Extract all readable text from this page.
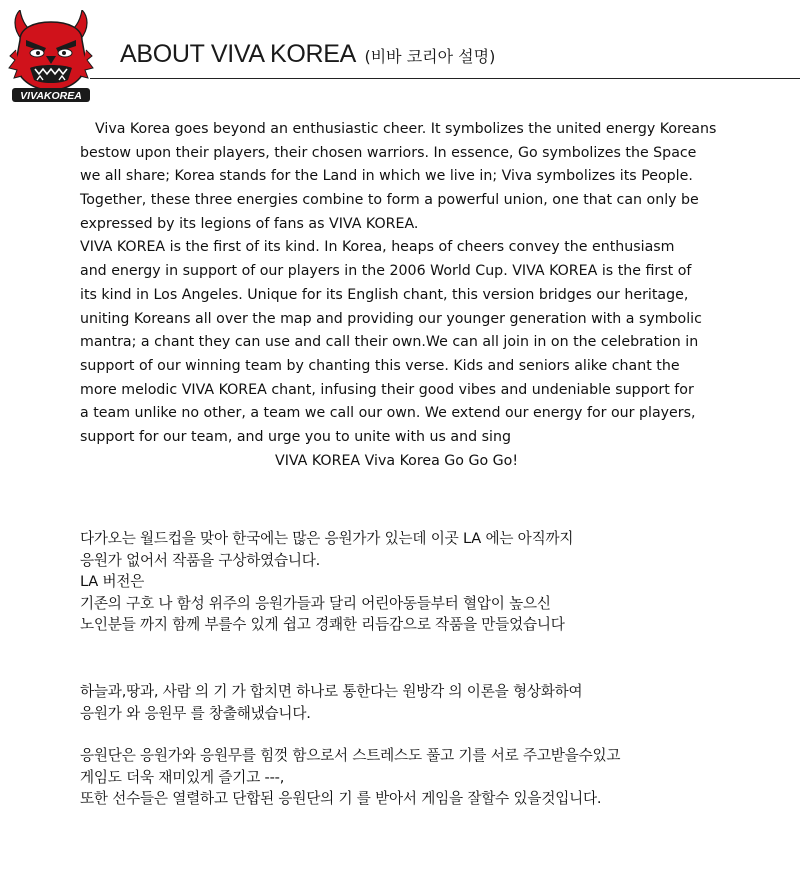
VIVAKOREA
ABOUT VIVA KOREA (비바 코리아 설명)
Viva Korea goes beyond an enthusiastic cheer. It symbolizes the united energy Koreans
bestow upon their players, their chosen warriors. In essence, Go symbolizes the Space
we all share; Korea stands for the Land in which we live in; Viva symbolizes its People.
Together, these three energies combine to form a powerful union, one that can only be
expressed by its legions of fans as VIVA KOREA.
VIVA KOREA is the first of its kind. In Korea, heaps of cheers convey the enthusiasm
and energy in support of our players in the 2006 World Cup. VIVA KOREA is the first of
its kind in Los Angeles. Unique for its English chant, this version bridges our heritage,
uniting Koreans all over the map and providing our younger generation with a symbolic
mantra; a chant they can use and call their own.We can all join in on the celebration in
support of our winning team by chanting this verse. Kids and seniors alike chant the
more melodic VIVA KOREA chant, infusing their good vibes and undeniable support for
a team unlike no other, a team we call our own. We extend our energy for our players,
support for our team, and urge you to unite with us and sing
VIVA KOREA Viva Korea Go Go Go!
다가오는 월드컵을 맞아 한국에는 많은 응원가가 있는데 이곳 LA 에는 아직까지
응원가 없어서 작품을 구상하였습니다.
LA 버전은
기존의 구호 나 함성 위주의 응원가들과 달리 어린아동들부터 혈압이 높으신
노인분들 까지 함께 부를수 있게 쉽고 경쾌한 리듬감으로 작품을 만들었습니다
하늘과,땅과, 사람 의 기 가 합치면 하나로 통한다는 원방각 의 이론을 형상화하여
응원가 와 응원무 를 창출해냈습니다.
응원단은 응원가와 응원무를 힘껏 함으로서 스트레스도 풀고 기를 서로 주고받을수있고
게임도 더욱 재미있게 즐기고 ---,
또한 선수들은 열렬하고 단합된 응원단의 기 를 받아서 게임을 잘할수 있을것입니다.
